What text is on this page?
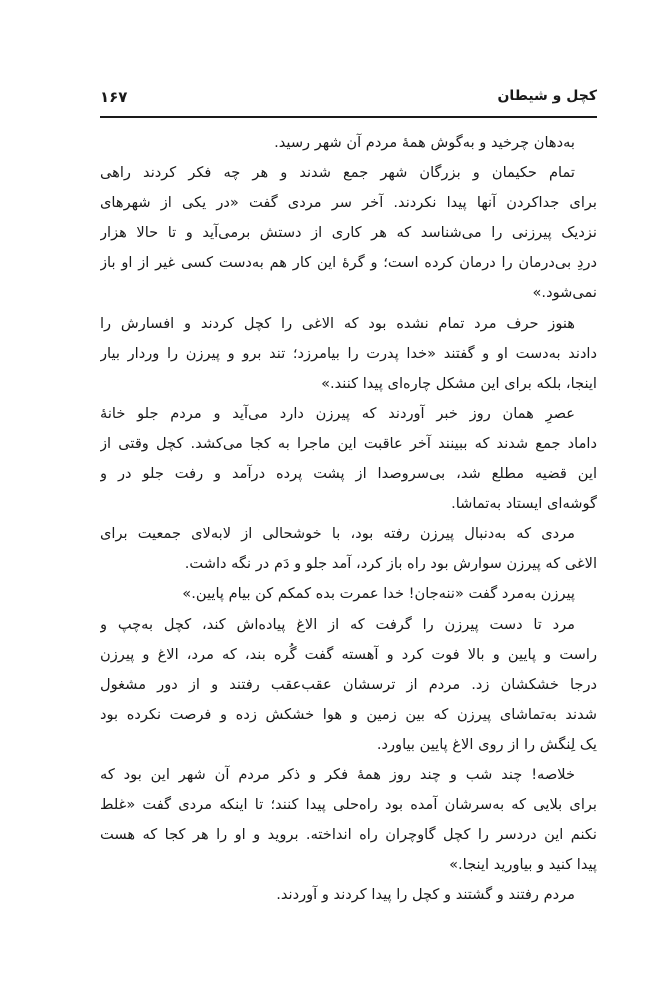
کچل و شیطان
۱۶۷
به‌دهان چرخید و به‌گوش همهٔ مردم آن شهر رسید.
تمام حکیمان و بزرگان شهر جمع شدند و هر چه فکر کردند راهی
برای جداکردن آنها پیدا نکردند. آخر سر مردی گفت «در یکی از شهرهای
نزدیک پیرزنی را می‌شناسد که هر کاری از دستش برمی‌آید و تا حالا هزار
دردِ بی‌درمان را درمان کرده است؛ و گرهٔ این کار هم به‌دست کسی غیر از او باز
نمی‌شود.»
هنوز حرف مرد تمام نشده بود که الاغی را کچل کردند و افسارش را
دادند به‌دست او و گفتند «خدا پدرت را بیامرزد؛ تند برو و پیرزن را وردار بیار
اینجا، بلکه برای این مشکل چاره‌ای پیدا کنند.»
عصرِ همان روز خبر آوردند که پیرزن دارد می‌آید و مردم جلو خانهٔ
داماد جمع شدند که ببینند آخر عاقبت این ماجرا به کجا می‌کشد. کچل وقتی از
این قضیه مطلع شد، بی‌سروصدا از پشت پرده درآمد و رفت جلو در و
گوشه‌ای ایستاد به‌تماشا.
مردی که به‌دنبال پیرزن رفته بود، با خوشحالی از لابه‌لای جمعیت برای
الاغی که پیرزن سوارش بود راه باز کرد، آمد جلو و دَم در نگه داشت.
پیرزن به‌مرد گفت «ننه‌جان! خدا عمرت بده کمکم کن بیام پایین.»
مرد تا دست پیرزن را گرفت که از الاغ پیاده‌اش کند، کچل به‌چپ و
راست و پایین و بالا فوت کرد و آهسته گفت گُره بند، که مرد، الاغ و پیرزن
درجا خشکشان زد. مردم از ترسشان عقب‌عقب رفتند و از دور مشغول
شدند به‌تماشای پیرزن که بین زمین و هوا خشکش زده و فرصت نکرده بود
یک لِنگش را از روی الاغ پایین بیاورد.
خلاصه! چند شب و چند روز همهٔ فکر و ذکر مردم آن شهر این بود که
برای بلایی که به‌سرشان آمده بود راه‌حلی پیدا کنند؛ تا اینکه مردی گفت «غلط
نکنم این دردسر را کچل گاوچران راه انداخته. بروید و او را هر کجا که هست
پیدا کنید و بیاورید اینجا.»
مردم رفتند و گشتند و کچل را پیدا کردند و آوردند.
